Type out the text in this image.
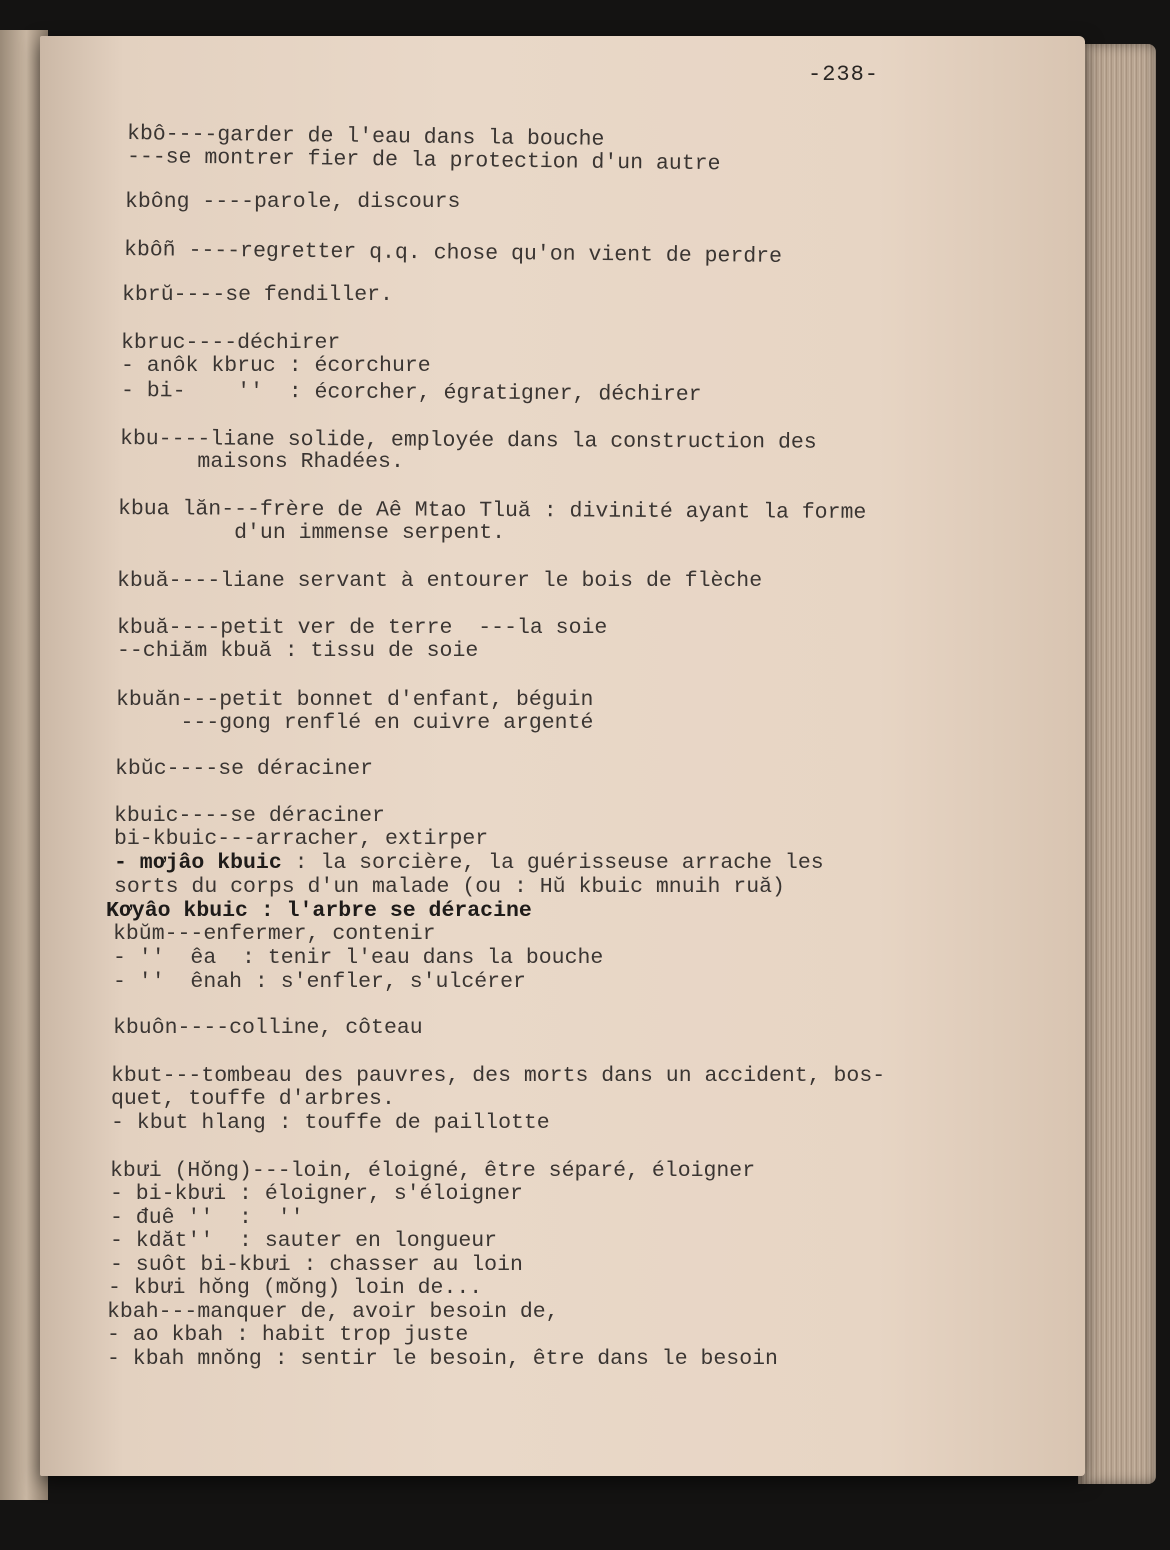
-238-
kbô----garder de l'eau dans la bouche
---se montrer fier de la protection d'un autre
kbông ----parole, discours
kbôñ ----regretter q.q. chose qu'on vient de perdre
kbrŭ----se fendiller.
kbruc----déchirer
- anôk kbruc : écorchure
- bi-    ''  : écorcher, égratigner, déchirer
kbu----liane solide, employée dans la construction des
maisons Rhadées.
kbua lăn---frère de Aê Mtao Tluă : divinité ayant la forme
d'un immense serpent.
kbuă----liane servant à entourer le bois de flèche
kbuă----petit ver de terre  ---la soie
--chiăm kbuă : tissu de soie
kbuăn---petit bonnet d'enfant, béguin
---gong renflé en cuivre argenté
kbŭc----se déraciner
kbuic----se déraciner
bi-kbuic---arracher, extirper
- mơjâo kbuic : la sorcière, la guérisseuse arrache les
sorts du corps d'un malade (ou : Hŭ kbuic mnuih ruă)
Kơyâo kbuic : l'arbre se déracine
kbŭm---enfermer, contenir
- ''  êa  : tenir l'eau dans la bouche
- ''  ênah : s'enfler, s'ulcérer
kbuôn----colline, côteau
kbut---tombeau des pauvres, des morts dans un accident, bos-
quet, touffe d'arbres.
- kbut hlang : touffe de paillotte
kbưi (Hŏng)---loin, éloigné, être séparé, éloigner
- bi-kbưi : éloigner, s'éloigner
- đuê ''  :  ''
- kdăt''  : sauter en longueur
- suôt bi-kbưi : chasser au loin
- kbưi hŏng (mŏng) loin de...
kbah---manquer de, avoir besoin de,
- ao kbah : habit trop juste
- kbah mnŏng : sentir le besoin, être dans le besoin
